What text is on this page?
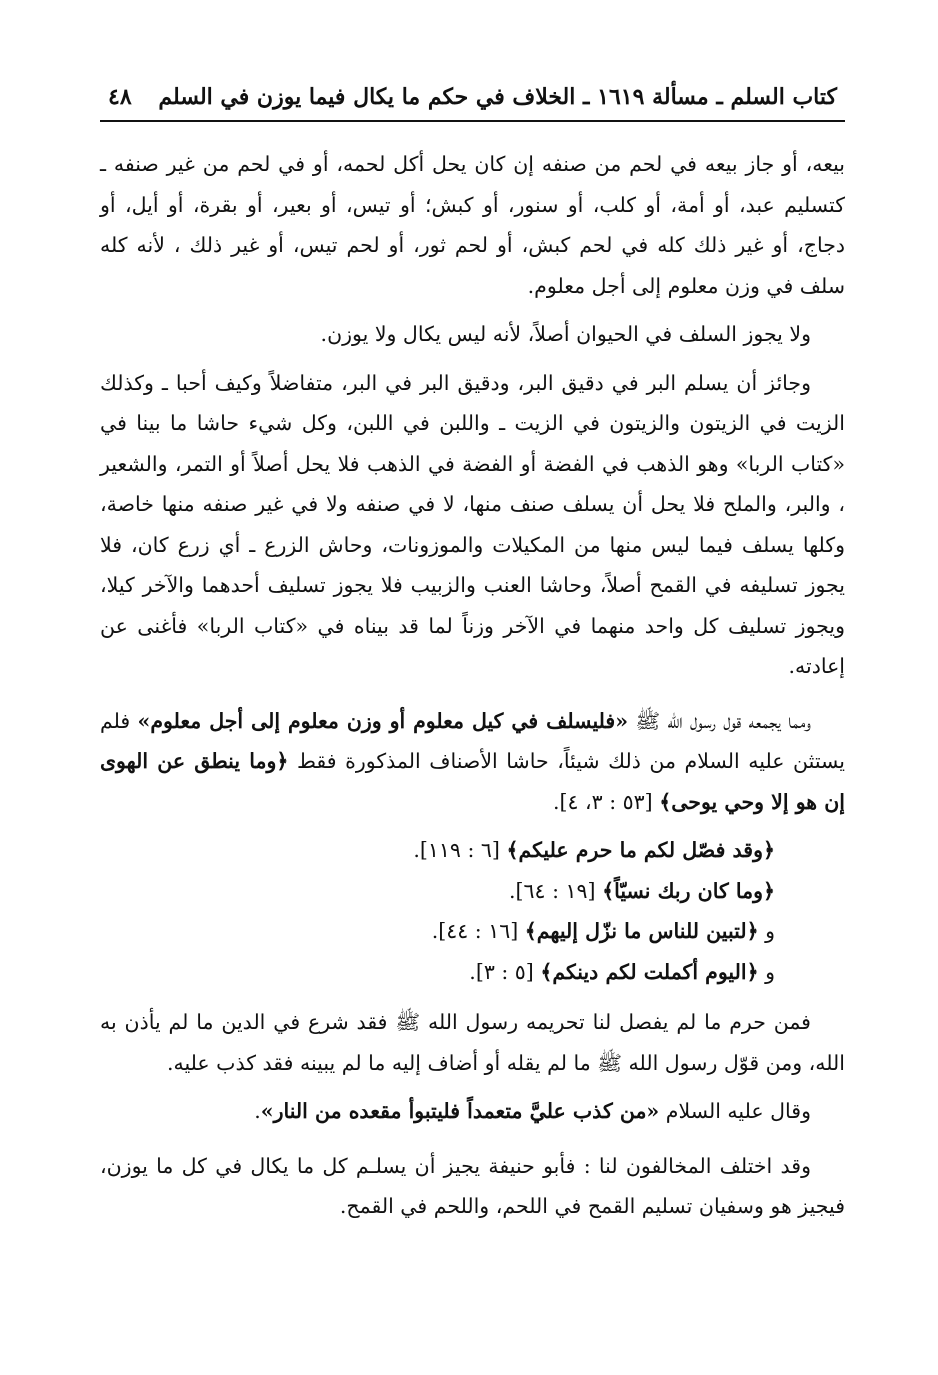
كتاب السلم ـ مسألة ١٦١٩ ـ الخلاف في حكم ما يكال فيما يوزن في السلم
٤٨

بيعه، أو جاز بيعه في لحم من صنفه إن كان يحل أكل لحمه، أو في لحم من غير صنفه ـ كتسليم عبد، أو أمة، أو كلب، أو سنور، أو كبش؛ أو تيس، أو بعير، أو بقرة، أو أيل، أو دجاج، أو غير ذلك كله في لحم كبش، أو لحم ثور، أو لحم تيس، أو غير ذلك ، لأنه كله سلف في وزن معلوم إلى أجل معلوم.

ولا يجوز السلف في الحيوان أصلاً، لأنه ليس يكال ولا يوزن.

وجائز أن يسلم البر في دقيق البر، ودقيق البر في البر، متفاضلاً وكيف أحبا ـ وكذلك الزيت في الزيتون والزيتون في الزيت ـ واللبن في اللبن، وكل شيء حاشا ما بينا في «كتاب الربا» وهو الذهب في الفضة أو الفضة في الذهب فلا يحل أصلاً أو التمر، والشعير ، والبر، والملح فلا يحل أن يسلف صنف منها، لا في صنفه ولا في غير صنفه منها خاصة، وكلها يسلف فيما ليس منها من المكيلات والموزونات، وحاش الزرع ـ أي زرع كان، فلا يجوز تسليفه في القمح أصلاً، وحاشا العنب والزبيب فلا يجوز تسليف أحدهما والآخر كيلا، ويجوز تسليف كل واحد منهما في الآخر وزناً لما قد بيناه في «كتاب الربا» فأغنى عن إعادته.

ومما يجمعه قول رسول الله ﷺ «فليسلف في كيل معلوم أو وزن معلوم إلى أجل معلوم» فلم يستثن عليه السلام من ذلك شيئاً، حاشا الأصناف المذكورة فقط ﴿وما ينطق عن الهوى إن هو إلا وحي يوحى﴾ [٥٣ : ٣، ٤].

﴿وقد فصّل لكم ما حرم عليكم﴾ [٦ : ١١٩].
﴿وما كان ربك نسيّاً﴾ [١٩ : ٦٤].
و ﴿لتبين للناس ما نزّل إليهم﴾ [١٦ : ٤٤].
و ﴿اليوم أكملت لكم دينكم﴾ [٥ : ٣].

فمن حرم ما لم يفصل لنا تحريمه رسول الله ﷺ فقد شرع في الدين ما لم يأذن به الله، ومن قوّل رسول الله ﷺ ما لم يقله أو أضاف إليه ما لم يبينه فقد كذب عليه.

وقال عليه السلام «من كذب عليَّ متعمداً فليتبوأ مقعده من النار».

وقد اختلف المخالفون لنا : فأبو حنيفة يجيز أن يسلـم كل ما يكال في كل ما يوزن، فيجيز هو وسفيان تسليم القمح في اللحم، واللحم في القمح.
